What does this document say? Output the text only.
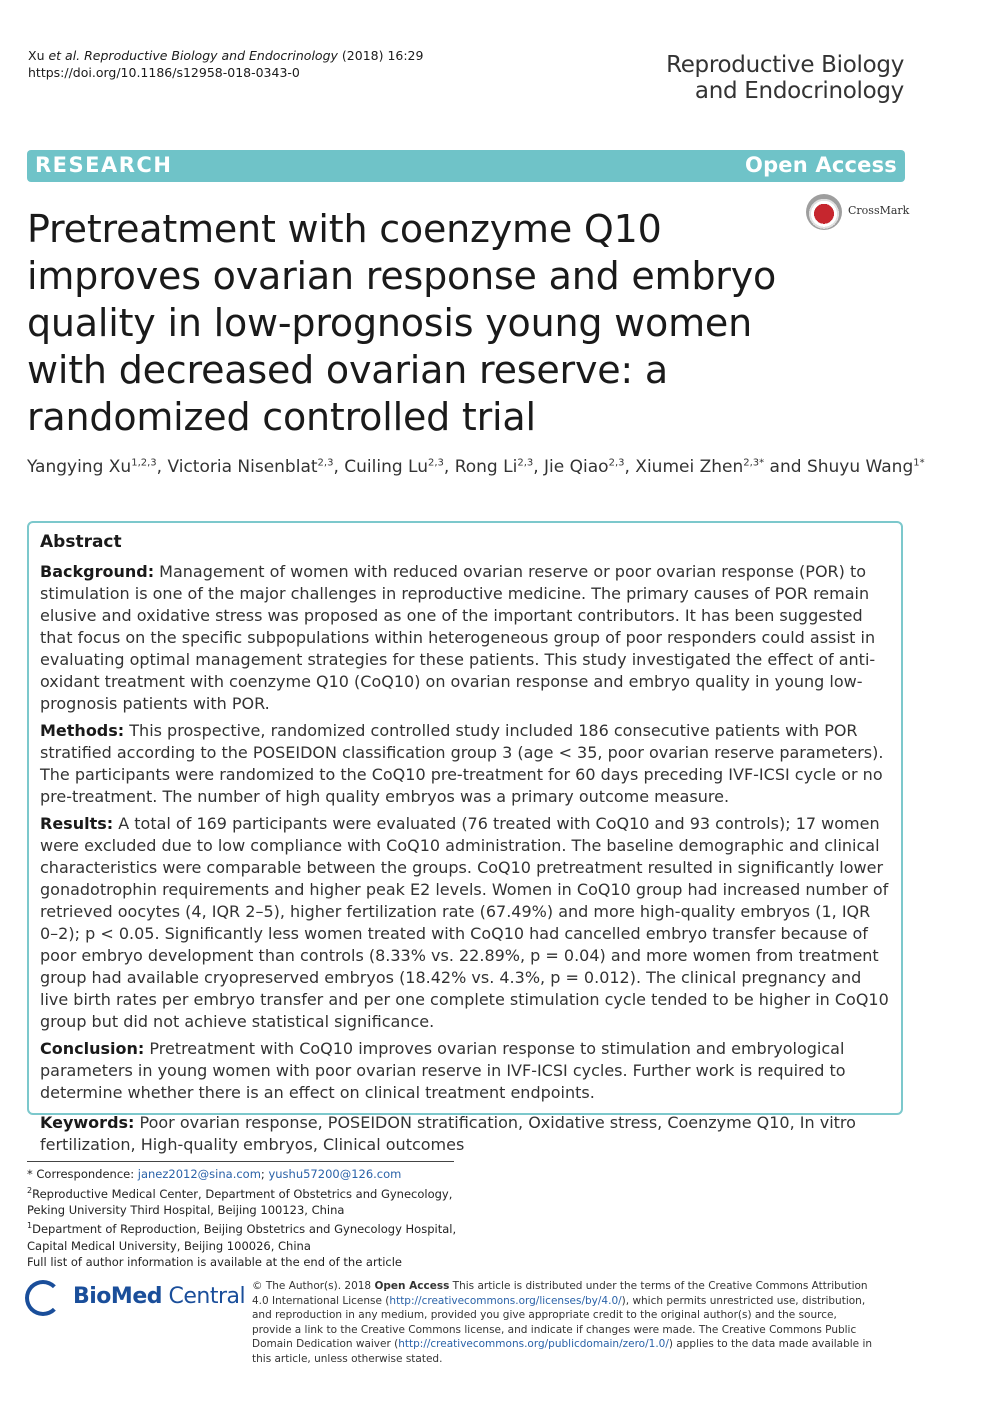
Xu et al. Reproductive Biology and Endocrinology (2018) 16:29
https://doi.org/10.1186/s12958-018-0343-0	Reproductive Biology
and Endocrinology
RESEARCH	Open Access
CrossMark
Pretreatment with coenzyme Q10 improves ovarian response and embryo quality in low-prognosis young women with decreased ovarian reserve: a randomized controlled trial
Yangying Xu$^{1,2,3}$, Victoria Nisenblat$^{2,3}$, Cuiling Lu$^{2,3}$, Rong Li$^{2,3}$, Jie Qiao$^{2,3}$, Xiumei Zhen$^{2,3*}$ and Shuyu Wang$^{1*}$
Abstract

Background: Management of women with reduced ovarian reserve or poor ovarian response (POR) to stimulation is one of the major challenges in reproductive medicine. The primary causes of POR remain elusive and oxidative stress was proposed as one of the important contributors. It has been suggested that focus on the specific subpopulations within heterogeneous group of poor responders could assist in evaluating optimal management strategies for these patients. This study investigated the effect of anti-oxidant treatment with coenzyme Q10 (CoQ10) on ovarian response and embryo quality in young low-prognosis patients with POR.

Methods: This prospective, randomized controlled study included 186 consecutive patients with POR stratified according to the POSEIDON classification group 3 (age < 35, poor ovarian reserve parameters). The participants were randomized to the CoQ10 pre-treatment for 60 days preceding IVF-ICSI cycle or no pre-treatment. The number of high quality embryos was a primary outcome measure.

Results: A total of 169 participants were evaluated (76 treated with CoQ10 and 93 controls); 17 women were excluded due to low compliance with CoQ10 administration. The baseline demographic and clinical characteristics were comparable between the groups. CoQ10 pretreatment resulted in significantly lower gonadotrophin requirements and higher peak E2 levels. Women in CoQ10 group had increased number of retrieved oocytes (4, IQR 2–5), higher fertilization rate (67.49%) and more high-quality embryos (1, IQR 0–2); p < 0.05. Significantly less women treated with CoQ10 had cancelled embryo transfer because of poor embryo development than controls (8.33% vs. 22.89%, p = 0.04) and more women from treatment group had available cryopreserved embryos (18.42% vs. 4.3%, p = 0.012). The clinical pregnancy and live birth rates per embryo transfer and per one complete stimulation cycle tended to be higher in CoQ10 group but did not achieve statistical significance.

Conclusion: Pretreatment with CoQ10 improves ovarian response to stimulation and embryological parameters in young women with poor ovarian reserve in IVF-ICSI cycles. Further work is required to determine whether there is an effect on clinical treatment endpoints.

Keywords: Poor ovarian response, POSEIDON stratification, Oxidative stress, Coenzyme Q10, In vitro fertilization, High-quality embryos, Clinical outcomes

* Correspondence: janez2012@sina.com; yushu57200@126.com
$^2$Reproductive Medical Center, Department of Obstetrics and Gynecology,
Peking University Third Hospital, Beijing 100123, China
$^1$Department of Reproduction, Beijing Obstetrics and Gynecology Hospital,
Capital Medical University, Beijing 100026, China
Full list of author information is available at the end of the article
BioMed Central © The Author(s). 2018 Open Access This article is distributed under the terms of the Creative Commons Attribution 4.0 International License (http://creativecommons.org/licenses/by/4.0/), which permits unrestricted use, distribution, and reproduction in any medium, provided you give appropriate credit to the original author(s) and the source, provide a link to the Creative Commons license, and indicate if changes were made. The Creative Commons Public Domain Dedication waiver (http://creativecommons.org/publicdomain/zero/1.0/) applies to the data made available in this article, unless otherwise stated.
